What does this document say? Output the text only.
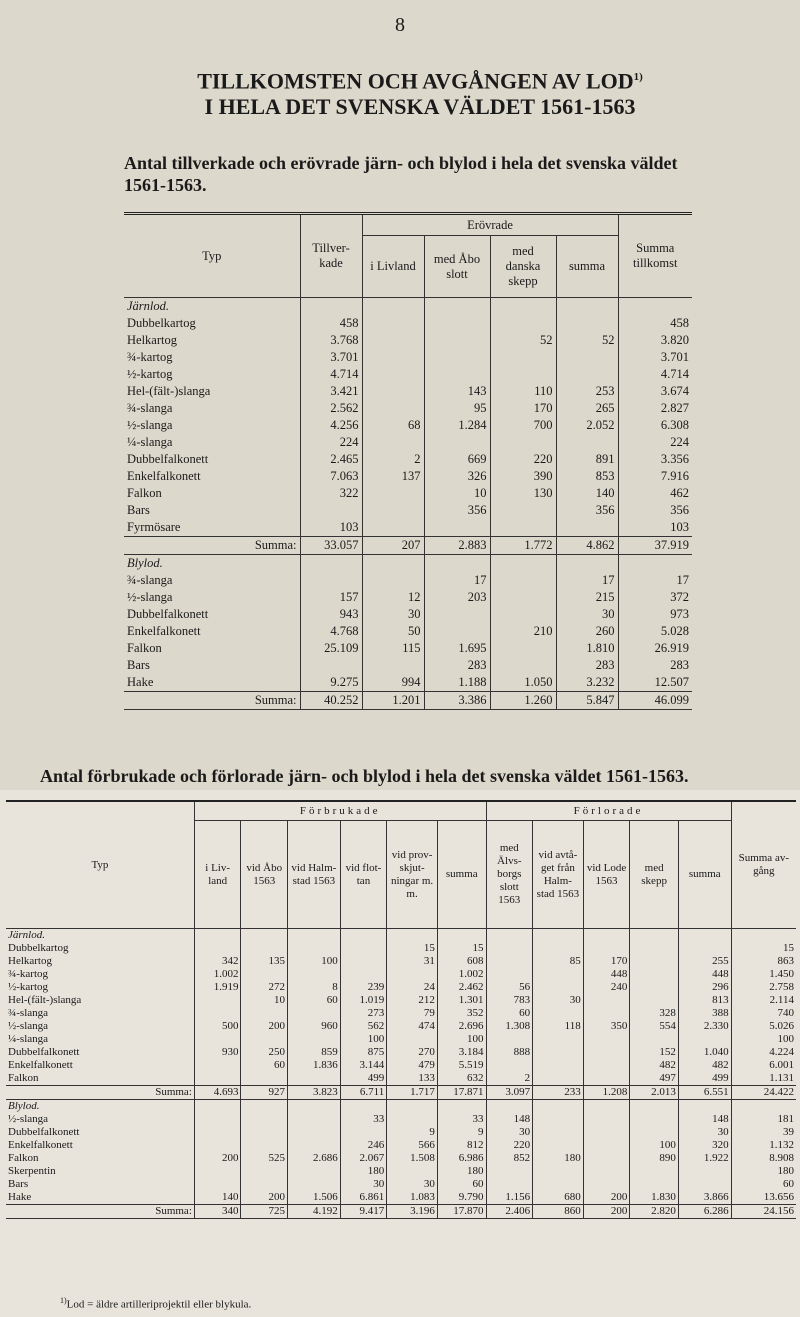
8
TILLKOMSTEN OCH AVGÅNGEN AV LOD$^{1)}$
I HELA DET SVENSKA VÄLDET 1561-1563
Antal tillverkade och erövrade järn- och blylod i hela det svenska väldet 1561-1563.
Typ	Tillver-kade	Erövrade				Summa tillkomst
		i Livland	med Åbo slott	med danska skepp	summa	
Järnlod.						
Dubbelkartog	458					458
Helkartog	3.768			52	52	3.820
¾-kartog	3.701					3.701
½-kartog	4.714					4.714
Hel-(fält-)slanga	3.421		143	110	253	3.674
¾-slanga	2.562		95	170	265	2.827
½-slanga	4.256	68	1.284	700	2.052	6.308
¼-slanga	224					224
Dubbelfalkonett	2.465	2	669	220	891	3.356
Enkelfalkonett	7.063	137	326	390	853	7.916
Falkon	322		10	130	140	462
Bars			356		356	356
Fyrmösare	103					103
Summa:	33.057	207	2.883	1.772	4.862	37.919
Blylod.						
¾-slanga			17		17	17
½-slanga	157	12	203		215	372
Dubbelfalkonett	943	30			30	973
Enkelfalkonett	4.768	50		210	260	5.028
Falkon	25.109	115	1.695		1.810	26.919
Bars			283		283	283
Hake	9.275	994	1.188	1.050	3.232	12.507
Summa:	40.252	1.201	3.386	1.260	5.847	46.099
Antal förbrukade och förlorade järn- och blylod i hela det svenska väldet 1561-1563.
Typ	Förbrukade						Förlorade					Summa av-gång
	i Liv-land	vid Åbo 1563	vid Halm-stad 1563	vid flot-tan	vid prov-skjut-ningar m. m.	summa	med Älvs-borgs slott 1563	vid avtå-get från Halm-stad 1563	vid Lode 1563	med skepp	summa	
Järnlod.												
Dubbelkartog					15	15						15
Helkartog	342	135	100		31	608		85	170		255	863
¾-kartog	1.002					1.002			448		448	1.450
½-kartog	1.919	272	8	239	24	2.462	56		240		296	2.758
Hel-(fält-)slanga		10	60	1.019	212	1.301	783	30			813	2.114
¾-slanga				273	79	352	60			328	388	740
½-slanga	500	200	960	562	474	2.696	1.308	118	350	554	2.330	5.026
¼-slanga				100		100						100
Dubbelfalkonett	930	250	859	875	270	3.184	888			152	1.040	4.224
Enkelfalkonett		60	1.836	3.144	479	5.519				482	482	6.001
Falkon				499	133	632	2			497	499	1.131
Summa:	4.693	927	3.823	6.711	1.717	17.871	3.097	233	1.208	2.013	6.551	24.422
Blylod.												
½-slanga				33		33	148				148	181
Dubbelfalkonett					9	9	30				30	39
Enkelfalkonett				246	566	812	220			100	320	1.132
Falkon	200	525	2.686	2.067	1.508	6.986	852	180		890	1.922	8.908
Skerpentin				180		180						180
Bars				30	30	60						60
Hake	140	200	1.506	6.861	1.083	9.790	1.156	680	200	1.830	3.866	13.656
Summa:	340	725	4.192	9.417	3.196	17.870	2.406	860	200	2.820	6.286	24.156
$^{1)}$Lod = äldre artilleriprojektil eller blykula.
